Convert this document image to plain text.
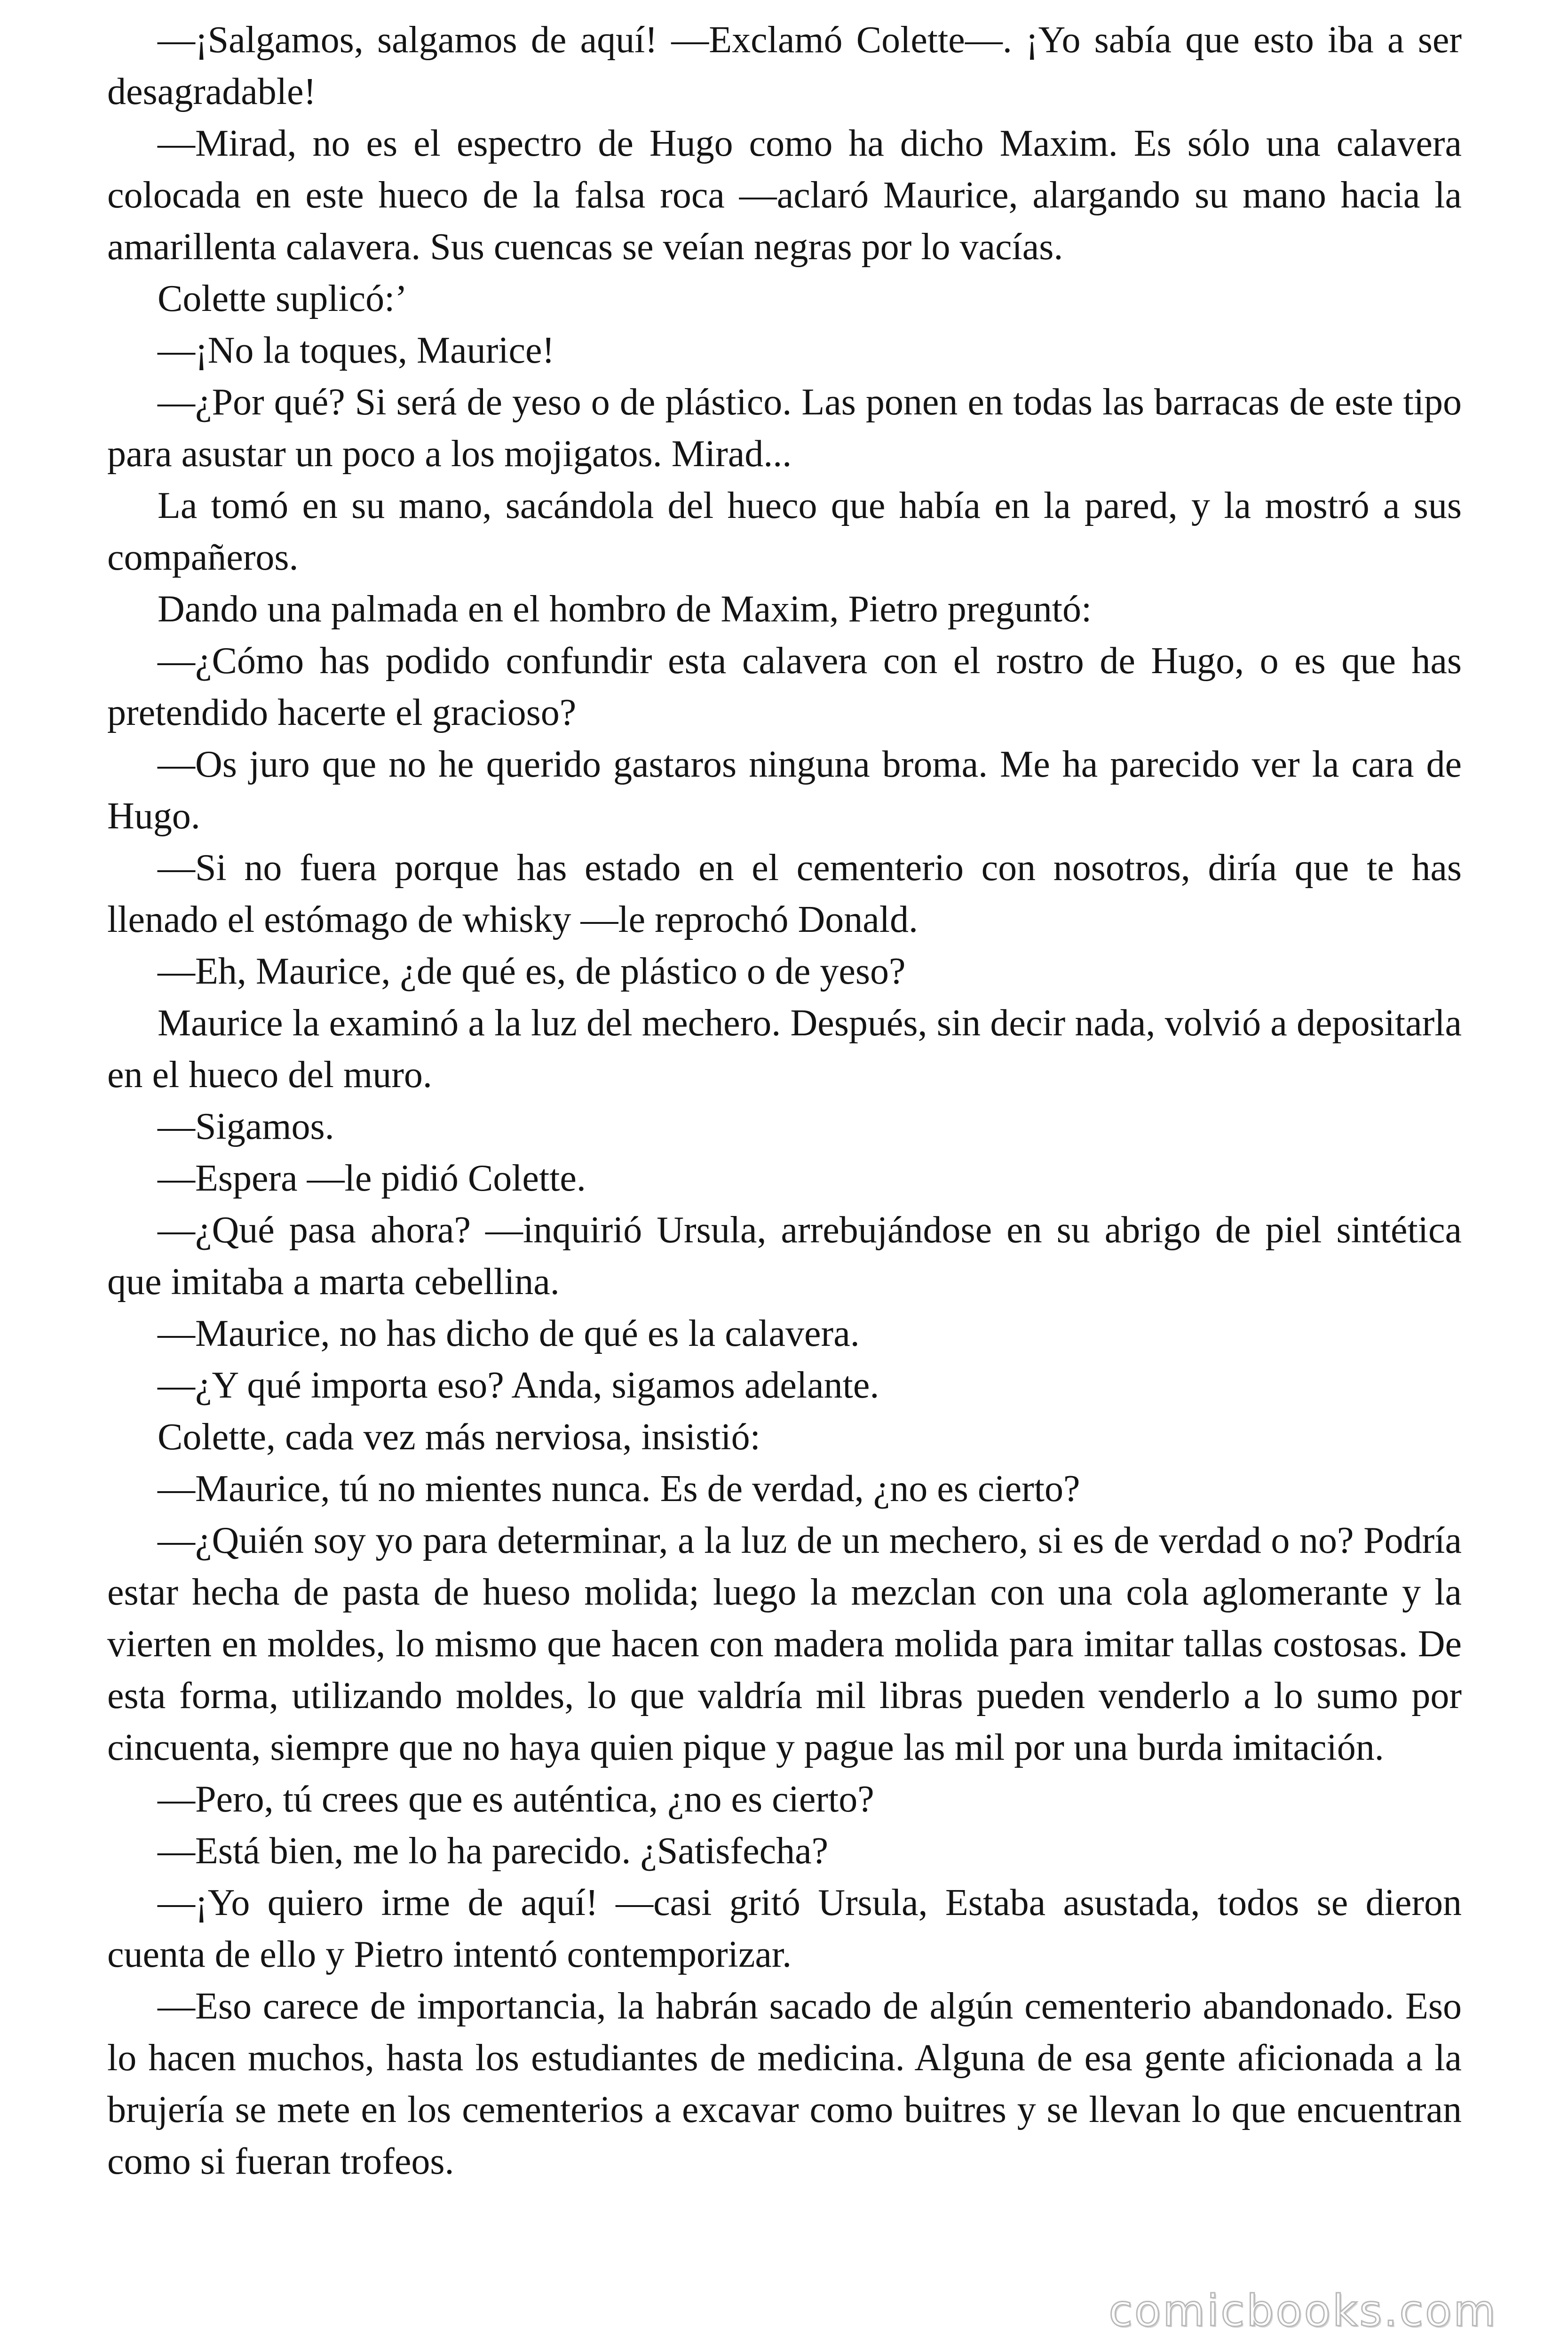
—¡Salgamos, salgamos de aquí! —Exclamó Colette—. ¡Yo sabía que esto iba a ser desagradable!

—Mirad, no es el espectro de Hugo como ha dicho Maxim. Es sólo una calavera colocada en este hueco de la falsa roca —aclaró Maurice, alargando su mano hacia la amarillenta calavera. Sus cuencas se veían negras por lo vacías.

Colette suplicó:’

—¡No la toques, Maurice!

—¿Por qué? Si será de yeso o de plástico. Las ponen en todas las barracas de este tipo para asustar un poco a los mojigatos. Mirad...

La tomó en su mano, sacándola del hueco que había en la pared, y la mostró a sus compañeros.

Dando una palmada en el hombro de Maxim, Pietro preguntó:

—¿Cómo has podido confundir esta calavera con el rostro de Hugo, o es que has pretendido hacerte el gracioso?

—Os juro que no he querido gastaros ninguna broma. Me ha parecido ver la cara de Hugo.

—Si no fuera porque has estado en el cementerio con nosotros, diría que te has llenado el estómago de whisky —le reprochó Donald.

—Eh, Maurice, ¿de qué es, de plástico o de yeso?

Maurice la examinó a la luz del mechero. Después, sin decir nada, volvió a depositarla en el hueco del muro.

—Sigamos.

—Espera —le pidió Colette.

—¿Qué pasa ahora? —inquirió Ursula, arrebujándose en su abrigo de piel sintética que imitaba a marta cebellina.

—Maurice, no has dicho de qué es la calavera.

—¿Y qué importa eso? Anda, sigamos adelante.

Colette, cada vez más nerviosa, insistió:

—Maurice, tú no mientes nunca. Es de verdad, ¿no es cierto?

—¿Quién soy yo para determinar, a la luz de un mechero, si es de verdad o no? Podría estar hecha de pasta de hueso molida; luego la mezclan con una cola aglomerante y la vierten en moldes, lo mismo que hacen con madera molida para imitar tallas costosas. De esta forma, utilizando moldes, lo que valdría mil libras pueden venderlo a lo sumo por cincuenta, siempre que no haya quien pique y pague las mil por una burda imitación.

—Pero, tú crees que es auténtica, ¿no es cierto?

—Está bien, me lo ha parecido. ¿Satisfecha?

—¡Yo quiero irme de aquí! —casi gritó Ursula, Estaba asustada, todos se dieron cuenta de ello y Pietro intentó contemporizar.

—Eso carece de importancia, la habrán sacado de algún cementerio abandonado. Eso lo hacen muchos, hasta los estudiantes de medicina. Alguna de esa gente aficionada a la brujería se mete en los cementerios a excavar como buitres y se llevan lo que encuentran como si fueran trofeos.

comicbooks.com
